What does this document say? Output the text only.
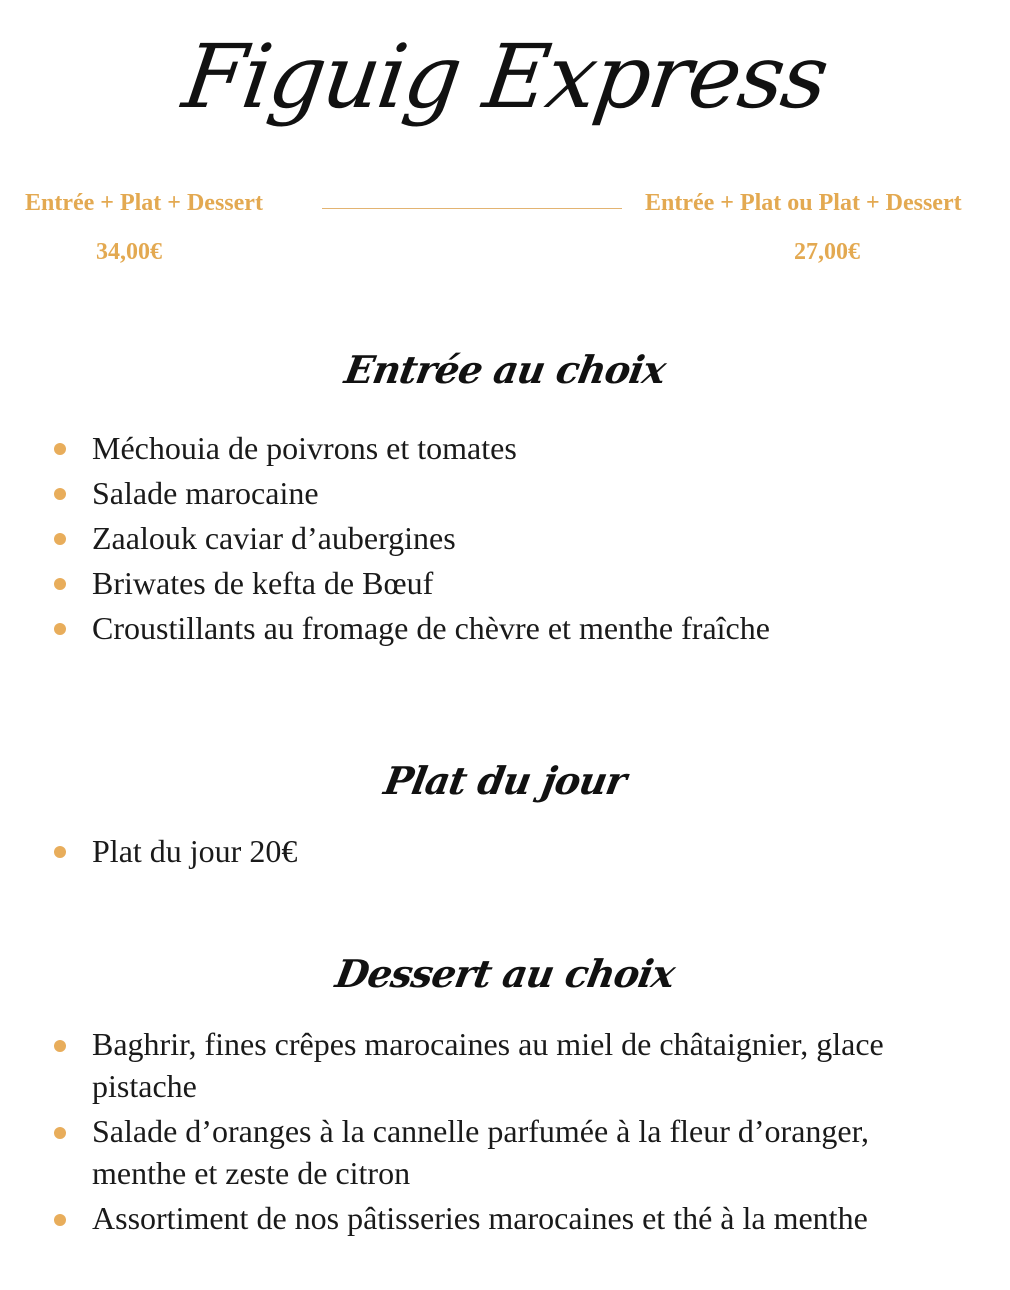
Figuig Express
Entrée + Plat + Dessert	Entrée + Plat ou Plat + Dessert
34,00€	27,00€
Entrée au choix
Méchouia de poivrons et tomates
Salade marocaine
Zaalouk caviar d’aubergines
Briwates de kefta de Bœuf
Croustillants au fromage de chèvre et menthe fraîche
Plat du jour
Plat du jour 20€
Dessert au choix
Baghrir, fines crêpes marocaines au miel de châtaignier, glace pistache
Salade d’oranges à la cannelle parfumée à la fleur d’oranger, menthe et zeste de citron
Assortiment de nos pâtisseries marocaines et thé à la menthe
